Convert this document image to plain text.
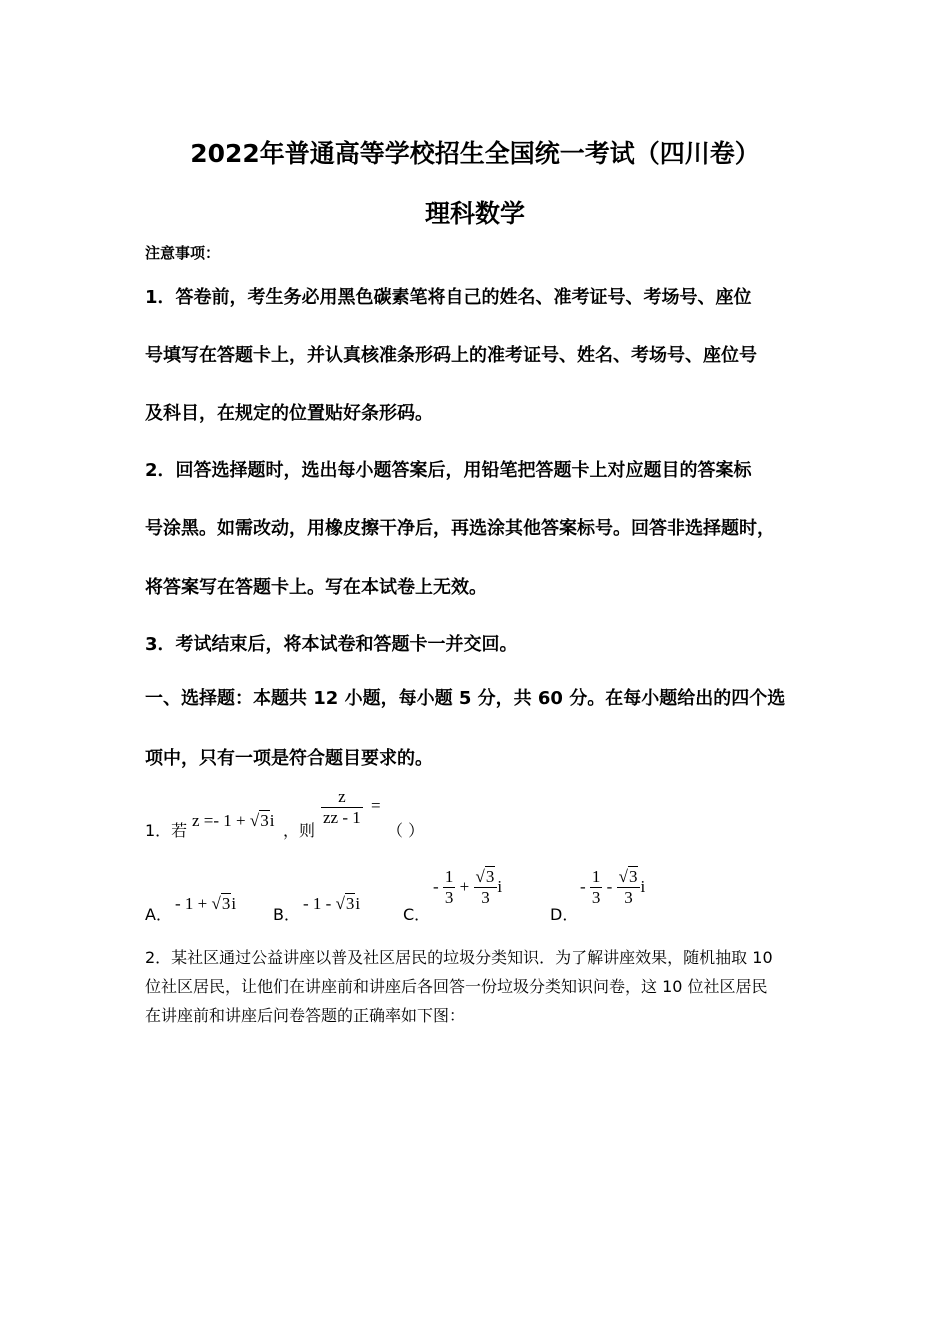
2022年普通高等学校招生全国统一考试（四川卷）
理科数学
注意事项：
1．答卷前，考生务必用黑色碳素笔将自己的姓名、准考证号、考场号、座位
号填写在答题卡上，并认真核准条形码上的准考证号、姓名、考场号、座位号
及科目，在规定的位置贴好条形码。
2．回答选择题时，选出每小题答案后，用铅笔把答题卡上对应题目的答案标
号涂黑。如需改动，用橡皮擦干净后，再选涂其他答案标号。回答非选择题时，
将答案写在答题卡上。写在本试卷上无效。
3．考试结束后，将本试卷和答题卡一并交回。
一、选择题：本题共 12 小题，每小题 5 分，共 60 分。在每小题给出的四个选
项中，只有一项是符合题目要求的。
1．若
z =- 1 + √3i
，则
$\frac{z}{z\overline{z} - 1}$ =
（ ）
A．
- 1 + √3i
B．
- 1 - √3i
C．
- $\frac{1}{3} + \frac{√3}{3}$ i
D．
- $\frac{1}{3} - \frac{√3}{3}$ i
2．某社区通过公益讲座以普及社区居民的垃圾分类知识．为了解讲座效果，随机抽取 10
位社区居民，让他们在讲座前和讲座后各回答一份垃圾分类知识问卷，这 10 位社区居民
在讲座前和讲座后问卷答题的正确率如下图：
